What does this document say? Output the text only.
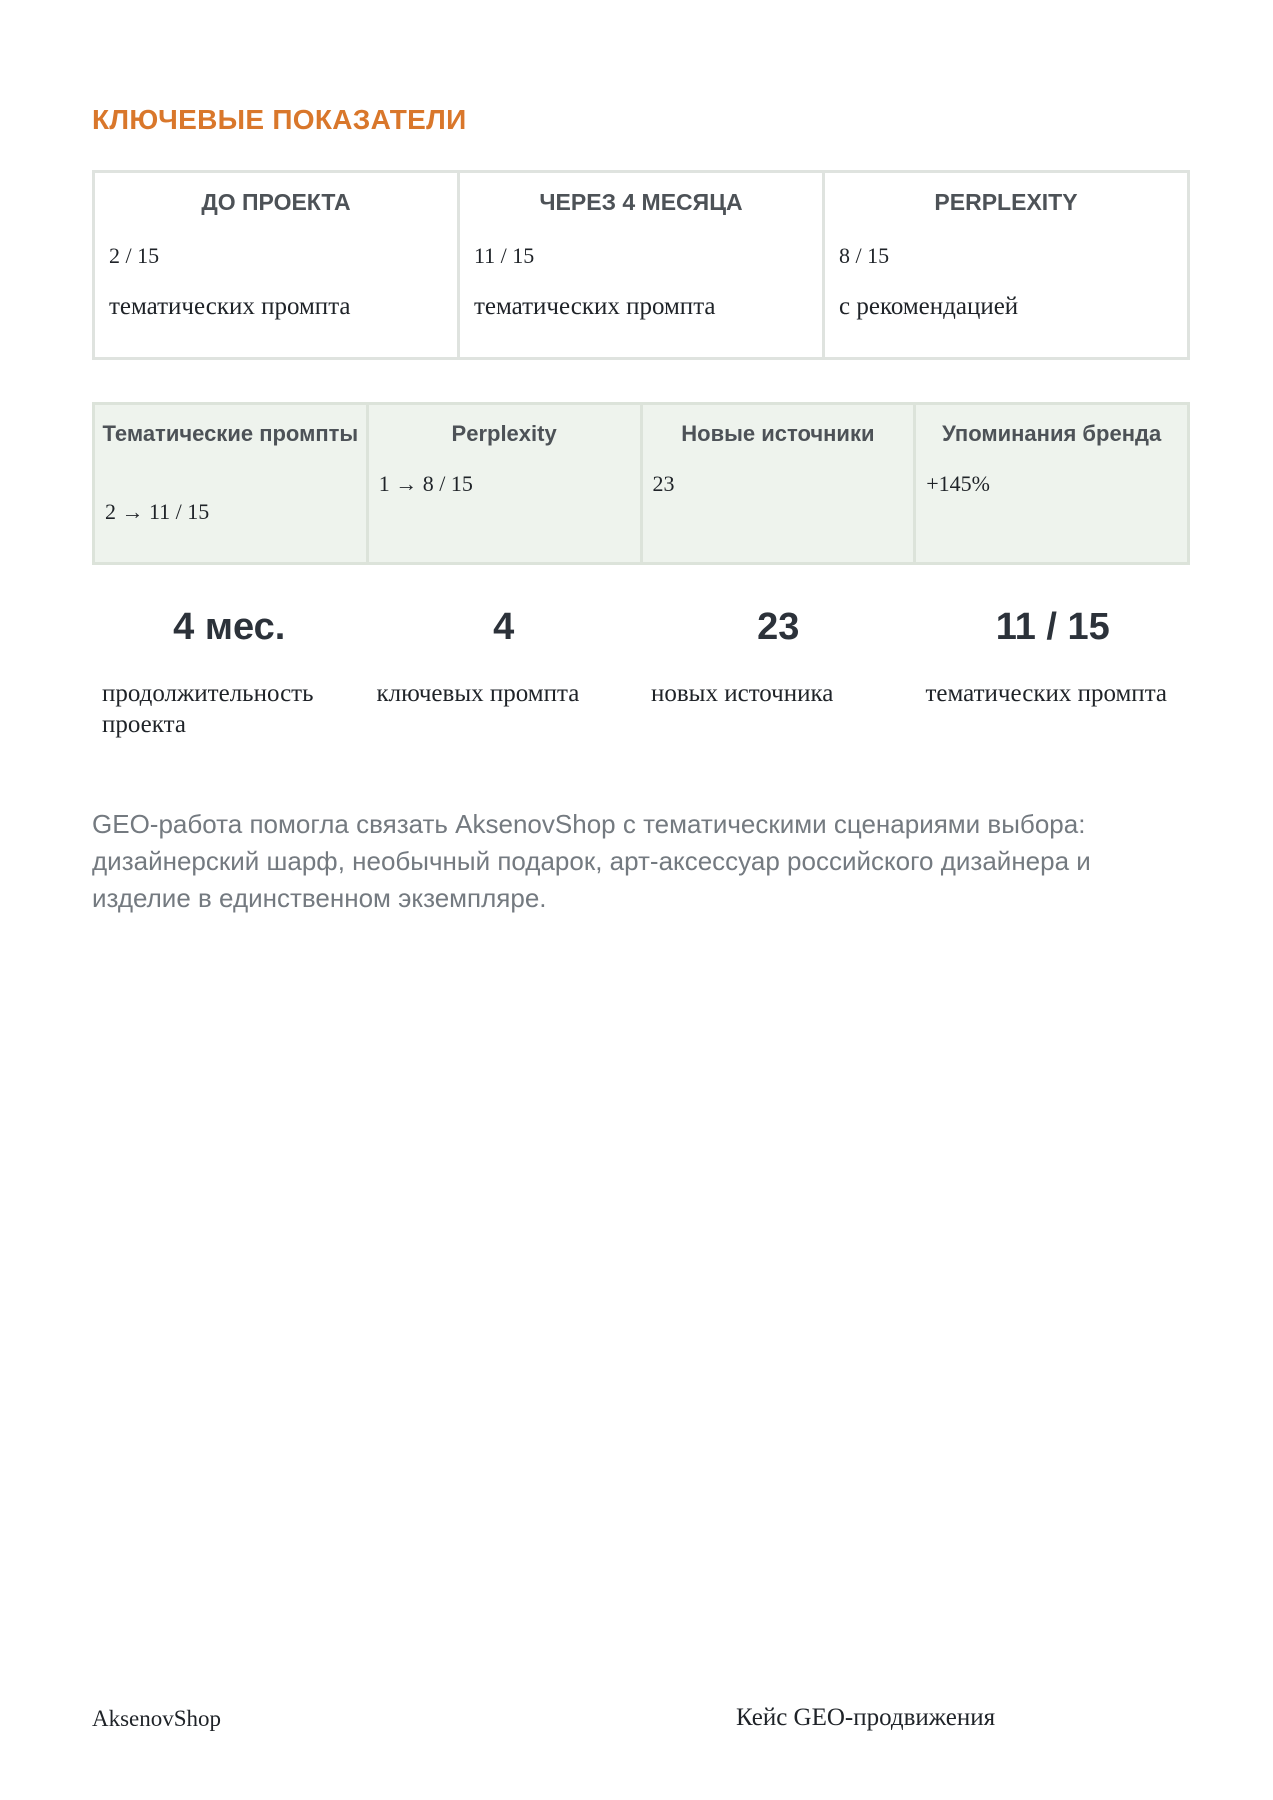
КЛЮЧЕВЫЕ ПОКАЗАТЕЛИ
ДО ПРОЕКТА
2 / 15
тематических промпта
ЧЕРЕЗ 4 МЕСЯЦА
11 / 15
тематических промпта
PERPLEXITY
8 / 15
с рекомендацией
Тематические промпты
2 → 11 / 15
Perplexity
1 → 8 / 15
Новые источники
23
Упоминания бренда
+145%
4 мес.
продолжительность проекта
4
ключевых промпта
23
новых источника
11 / 15
тематических промпта
GEO-работа помогла связать AksenovShop с тематическими сценариями выбора: дизайнерский шарф, необычный подарок, арт-аксессуар российского дизайнера и изделие в единственном экземпляре.
AksenovShop	Кейс GEO-продвижения
